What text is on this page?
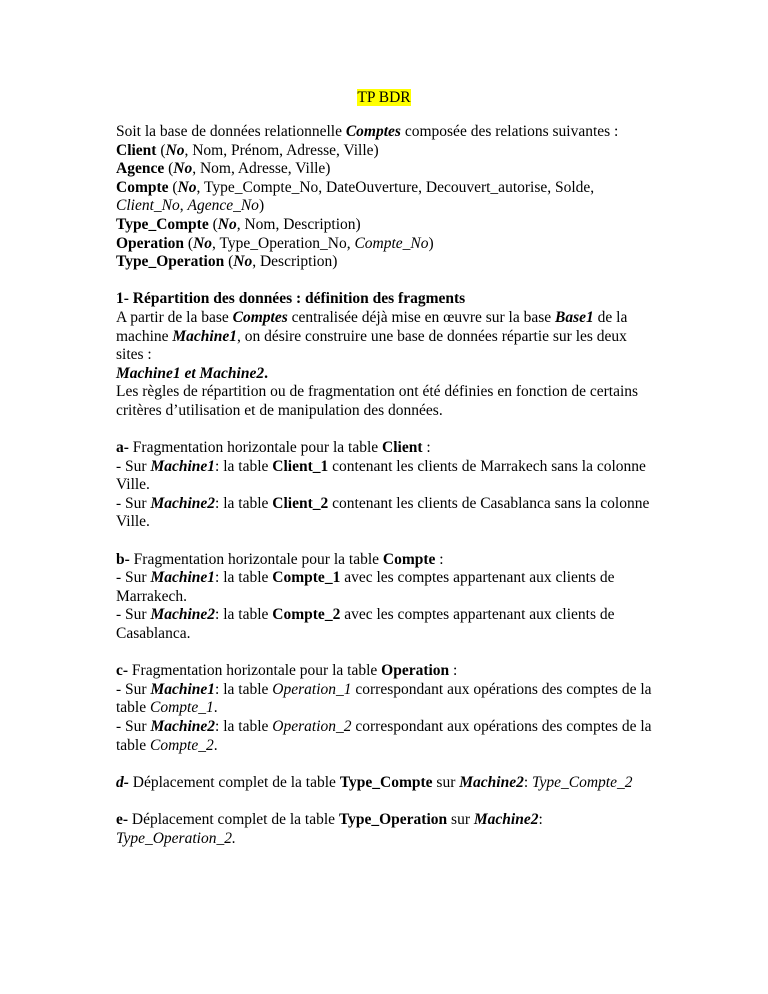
TP BDR
Soit la base de données relationnelle Comptes composée des relations suivantes :
Client (No, Nom, Prénom, Adresse, Ville)
Agence (No, Nom, Adresse, Ville)
Compte (No, Type_Compte_No, DateOuverture, Decouvert_autorise, Solde,
Client_No, Agence_No)
Type_Compte (No, Nom, Description)
Operation (No, Type_Operation_No, Compte_No)
Type_Operation (No, Description)
1- Répartition des données : définition des fragments
A partir de la base Comptes centralisée déjà mise en œuvre sur la base Base1 de la
machine Machine1, on désire construire une base de données répartie sur les deux
sites :
Machine1 et Machine2.
Les règles de répartition ou de fragmentation ont été définies en fonction de certains
critères d’utilisation et de manipulation des données.
a- Fragmentation horizontale pour la table Client :
- Sur Machine1: la table Client_1 contenant les clients de Marrakech sans la colonne
Ville.
- Sur Machine2: la table Client_2 contenant les clients de Casablanca sans la colonne
Ville.
b- Fragmentation horizontale pour la table Compte :
- Sur Machine1: la table Compte_1 avec les comptes appartenant aux clients de
Marrakech.
- Sur Machine2: la table Compte_2 avec les comptes appartenant aux clients de
Casablanca.
c- Fragmentation horizontale pour la table Operation :
- Sur Machine1: la table Operation_1 correspondant aux opérations des comptes de la
table Compte_1.
- Sur Machine2: la table Operation_2 correspondant aux opérations des comptes de la
table Compte_2.
d- Déplacement complet de la table Type_Compte sur Machine2: Type_Compte_2
e- Déplacement complet de la table Type_Operation sur Machine2:
Type_Operation_2.
